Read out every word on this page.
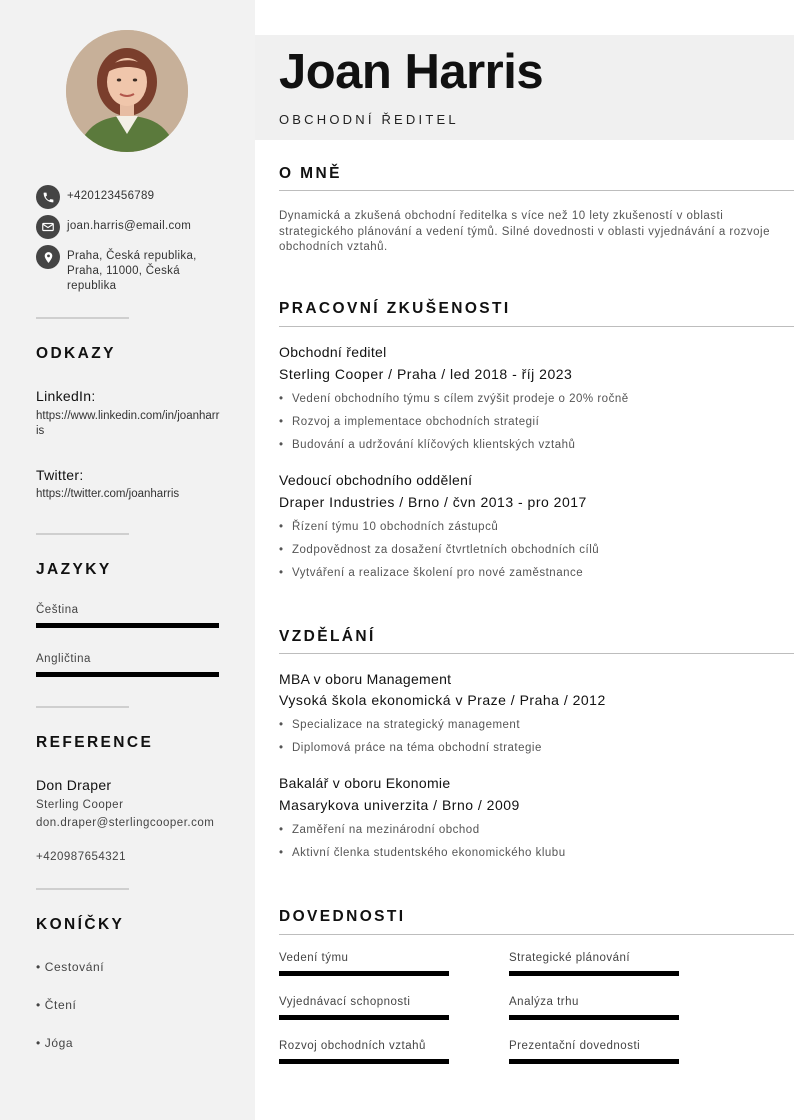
+420123456789
joan.harris@email.com
Praha, Česká republika, Praha, 11000, Česká republika
ODKAZY
LinkedIn:
https://www.linkedin.com/in/joanharris
Twitter:
https://twitter.com/joanharris
JAZYKY
Čeština
Angličtina
REFERENCE
Don Draper
Sterling Cooper
don.draper@sterlingcooper.com
+420987654321
KONÍČKY
• Cestování
• Čtení
• Jóga
Joan Harris
OBCHODNÍ ŘEDITEL
O MNĚ
Dynamická a zkušená obchodní ředitelka s více než 10 lety zkušeností v oblasti strategického plánování a vedení týmů. Silné dovednosti v oblasti vyjednávání a rozvoje obchodních vztahů.
PRACOVNÍ ZKUŠENOSTI
Obchodní ředitel
Sterling Cooper / Praha / led 2018 - říj 2023
• Vedení obchodního týmu s cílem zvýšit prodeje o 20% ročně
• Rozvoj a implementace obchodních strategií
• Budování a udržování klíčových klientských vztahů
Vedoucí obchodního oddělení
Draper Industries / Brno / čvn 2013 - pro 2017
• Řízení týmu 10 obchodních zástupců
• Zodpovědnost za dosažení čtvrtletních obchodních cílů
• Vytváření a realizace školení pro nové zaměstnance
VZDĚLÁNÍ
MBA v oboru Management
Vysoká škola ekonomická v Praze / Praha / 2012
• Specializace na strategický management
• Diplomová práce na téma obchodní strategie
Bakalář v oboru Ekonomie
Masarykova univerzita / Brno / 2009
• Zaměření na mezinárodní obchod
• Aktivní členka studentského ekonomického klubu
DOVEDNOSTI
Vedení týmu	Strategické plánování
Vyjednávací schopnosti	Analýza trhu
Rozvoj obchodních vztahů	Prezentační dovednosti
